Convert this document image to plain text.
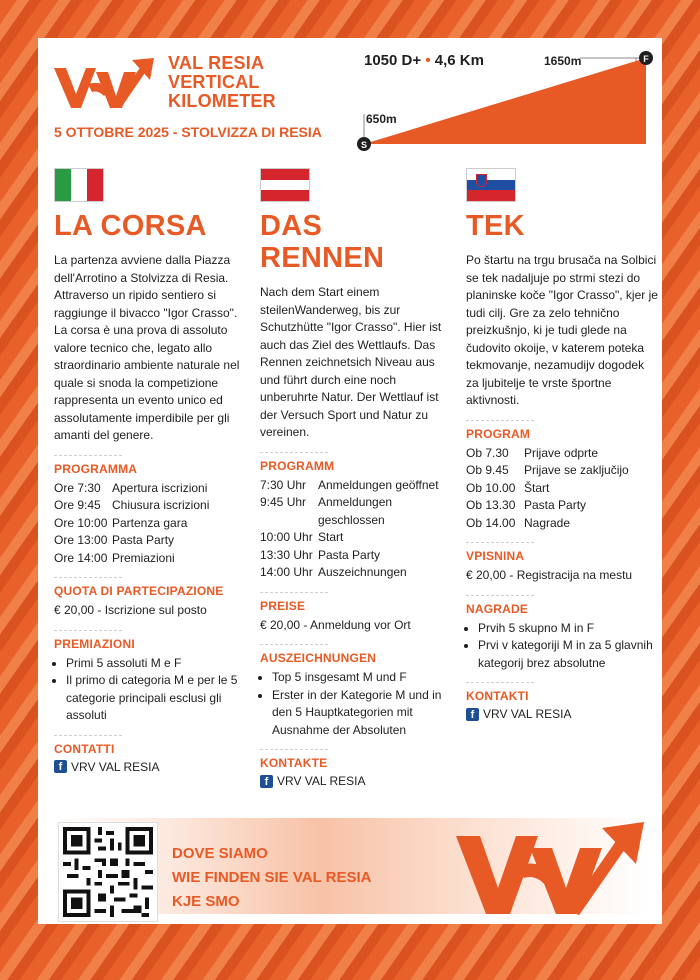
VAL RESIA
VERTICAL
KILOMETER
5 OTTOBRE 2025 - STOLVIZZA DI RESIA
S
F
1050 D+ • 4,6 Km
650m
1650m
LA CORSA

La partenza avviene dalla Piazza dell'Arrotino a Stolvizza di Resia. Attraverso un ripido sentiero si raggiunge il bivacco "Igor Crasso". La corsa è una prova di assoluto valore tecnico che, legato allo straordinario ambiente naturale nel quale si snoda la competizione rappresenta un evento unico ed assolutamente imperdibile per gli amanti del genere.

PROGRAMMA
Ore 7:30 Apertura iscrizioni
Ore 9:45 Chiusura iscrizioni
Ore 10:00 Partenza gara
Ore 13:00 Pasta Party
Ore 14:00 Premiazioni
QUOTA DI PARTECIPAZIONE
€ 20,00 - Iscrizione sul posto
PREMIAZIONI
• Primi 5 assoluti M e F
• Il primo di categoria M e per le 5 categorie principali esclusi gli assoluti
CONTATTI
f VRV VAL RESIA
DAS RENNEN

Nach dem Start einem steilenWanderweg, bis zur Schutzhütte "Igor Crasso". Hier ist auch das Ziel des Wettlaufs. Das Rennen zeichnetsich Niveau aus und führt durch eine noch unberuhrte Natur. Der Wettlauf ist der Versuch Sport und Natur zu vereinen.

PROGRAMM
7:30 Uhr Anmeldungen geöffnet
9:45 Uhr Anmeldungen geschlossen
10:00 Uhr Start
13:30 Uhr Pasta Party
14:00 Uhr Auszeichnungen
PREISE
€ 20,00 - Anmeldung vor Ort
AUSZEICHNUNGEN
• Top 5 insgesamt M und F
• Erster in der Kategorie M und in den 5 Hauptkategorien mit Ausnahme der Absoluten
KONTAKTE
f VRV VAL RESIA
TEK

Po štartu na trgu brusača na Solbici se tek nadaljuje po strmi stezi do planinske koče "Igor Crasso", kjer je tudi cilj. Gre za zelo tehnično preizkušnjo, ki je tudi glede na čudovito okoije, v katerem poteka tekmovanje, nezamudijv dogodek za ljubitelje te vrste športne aktivnosti.

PROGRAM
Ob 7.30	Prijave odprte
Ob 9.45	Prijave se zaključijo
Ob 10.00 Štart
Ob 13.30 Pasta Party
Ob 14.00 Nagrade
VPISNINA
€ 20,00 - Registracija na mestu
NAGRADE
• Prvih 5 skupno M in F
• Prvi v kategoriji M in za 5 glavnih kategorij brez absolutne
KONTAKTI
f VRV VAL RESIA
DOVE SIAMO
WIE FINDEN SIE VAL RESIA
KJE SMO
